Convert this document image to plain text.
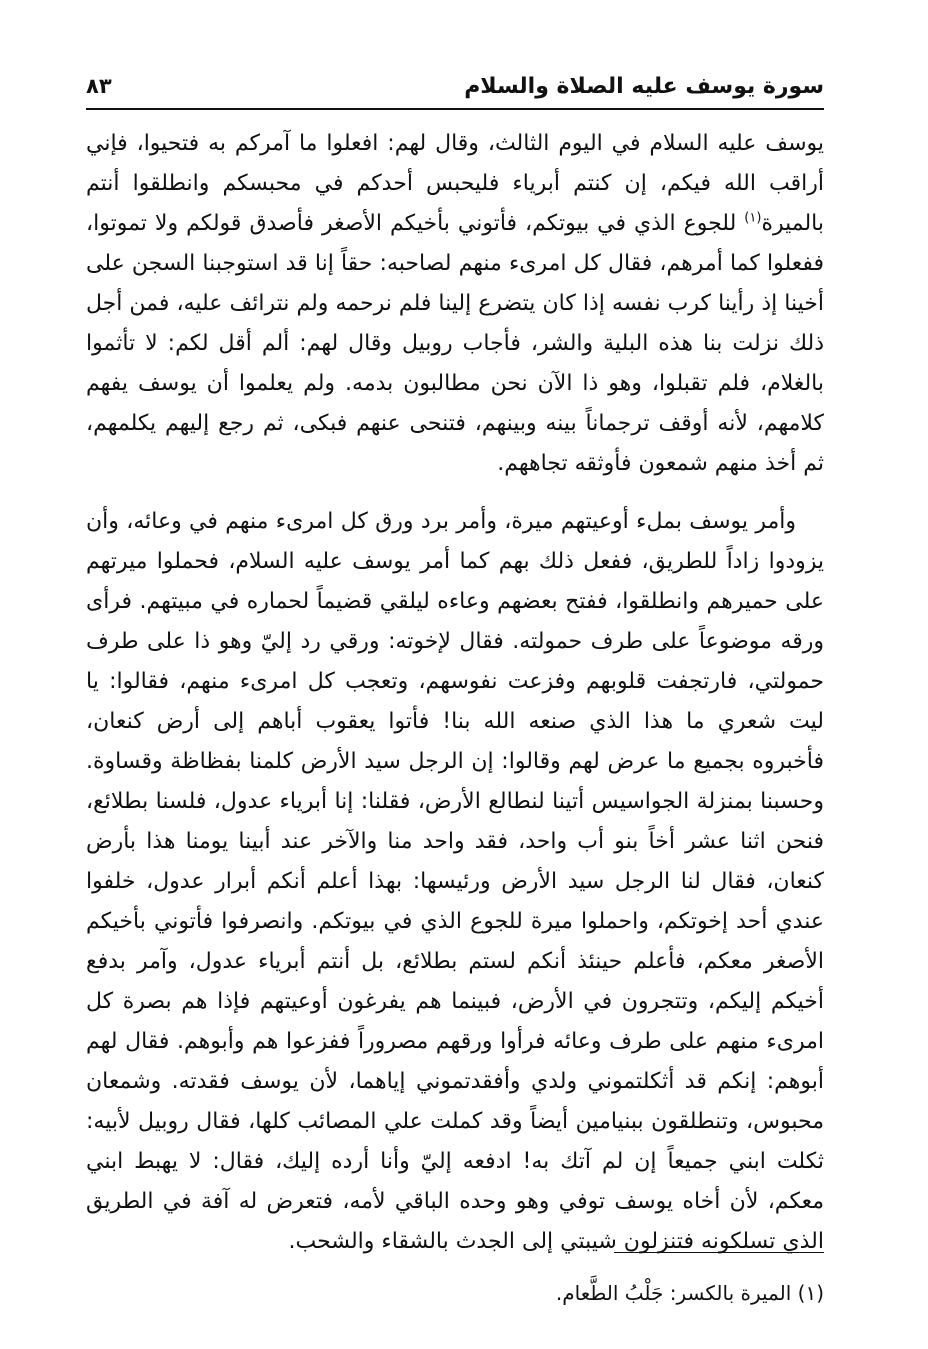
سورة يوسف عليه الصلاة والسلام
٨٣

يوسف عليه السلام في اليوم الثالث، وقال لهم: افعلوا ما آمركم به فتحيوا، فإني أراقب الله فيكم، إن كنتم أبرياء فليحبس أحدكم في محبسكم وانطلقوا أنتم بالميرة$^{(١)}$ للجوع الذي في بيوتكم، فأتوني بأخيكم الأصغر فأصدق قولكم ولا تموتوا، ففعلوا كما أمرهم، فقال كل امرىء منهم لصاحبه: حقاً إنا قد استوجبنا السجن على أخينا إذ رأينا كرب نفسه إذا كان يتضرع إلينا فلم نرحمه ولم نترائف عليه، فمن أجل ذلك نزلت بنا هذه البلية والشر، فأجاب روبيل وقال لهم: ألم أقل لكم: لا تأثموا بالغلام، فلم تقبلوا، وهو ذا الآن نحن مطالبون بدمه. ولم يعلموا أن يوسف يفهم كلامهم، لأنه أوقف ترجماناً بينه وبينهم، فتنحى عنهم فبكى، ثم رجع إليهم يكلمهم، ثم أخذ منهم شمعون فأوثقه تجاههم.

وأمر يوسف بملء أوعيتهم ميرة، وأمر برد ورق كل امرىء منهم في وعائه، وأن يزودوا زاداً للطريق، ففعل ذلك بهم كما أمر يوسف عليه السلام، فحملوا ميرتهم على حميرهم وانطلقوا، ففتح بعضهم وعاءه ليلقي قضيماً لحماره في مبيتهم. فرأى ورقه موضوعاً على طرف حمولته. فقال لإخوته: ورقي رد إليّ وهو ذا على طرف حمولتي، فارتجفت قلوبهم وفزعت نفوسهم، وتعجب كل امرىء منهم، فقالوا: يا ليت شعري ما هذا الذي صنعه الله بنا! فأتوا يعقوب أباهم إلى أرض كنعان، فأخبروه بجميع ما عرض لهم وقالوا: إن الرجل سيد الأرض كلمنا بفظاظة وقساوة. وحسبنا بمنزلة الجواسيس أتينا لنطالع الأرض، فقلنا: إنا أبرياء عدول، فلسنا بطلائع، فنحن اثنا عشر أخاً بنو أب واحد، فقد واحد منا والآخر عند أبينا يومنا هذا بأرض كنعان، فقال لنا الرجل سيد الأرض ورئيسها: بهذا أعلم أنكم أبرار عدول، خلفوا عندي أحد إخوتكم، واحملوا ميرة للجوع الذي في بيوتكم. وانصرفوا فأتوني بأخيكم الأصغر معكم، فأعلم حينئذ أنكم لستم بطلائع، بل أنتم أبرياء عدول، وآمر بدفع أخيكم إليكم، وتتجرون في الأرض، فبينما هم يفرغون أوعيتهم فإذا هم بصرة كل امرىء منهم على طرف وعائه فرأوا ورقهم مصروراً ففزعوا هم وأبوهم. فقال لهم أبوهم: إنكم قد أثكلتموني ولدي وأفقدتموني إياهما، لأن يوسف فقدته. وشمعان محبوس، وتنطلقون ببنيامين أيضاً وقد كملت علي المصائب كلها، فقال روبيل لأبيه: ثكلت ابني جميعاً إن لم آتك به! ادفعه إليّ وأنا أرده إليك، فقال: لا يهبط ابني معكم، لأن أخاه يوسف توفي وهو وحده الباقي لأمه، فتعرض له آفة في الطريق الذي تسلكونه فتنزلون شيبتي إلى الجدث بالشقاء والشحب.

(١) الميرة بالكسر: جَلْبُ الطَّعام.
